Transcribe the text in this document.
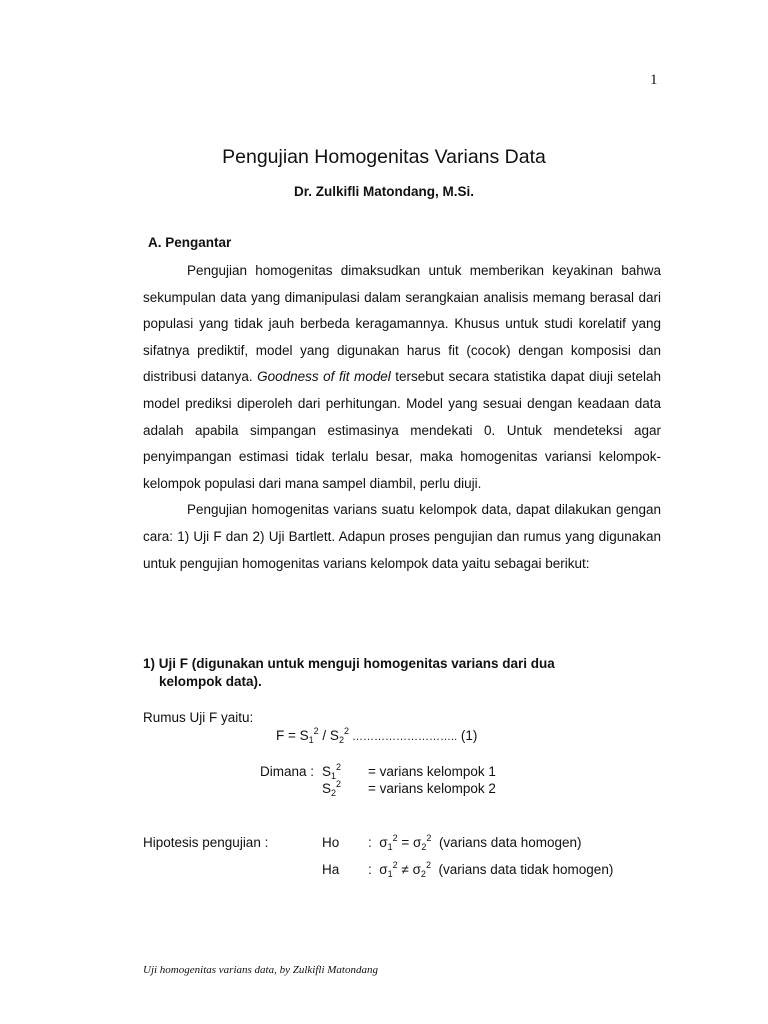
1
Pengujian Homogenitas Varians Data
Dr. Zulkifli Matondang, M.Si.
A. Pengantar

Pengujian homogenitas dimaksudkan untuk memberikan keyakinan bahwa sekumpulan data yang dimanipulasi dalam serangkaian analisis memang berasal dari populasi yang tidak jauh berbeda keragamannya. Khusus untuk studi korelatif yang sifatnya prediktif, model yang digunakan harus fit (cocok) dengan komposisi dan distribusi datanya. Goodness of fit model tersebut secara statistika dapat diuji setelah model prediksi diperoleh dari perhitungan. Model yang sesuai dengan keadaan data adalah apabila simpangan estimasinya mendekati 0. Untuk mendeteksi agar penyimpangan estimasi tidak terlalu besar, maka homogenitas variansi kelompok-kelompok populasi dari mana sampel diambil, perlu diuji.

Pengujian homogenitas varians suatu kelompok data, dapat dilakukan gengan cara: 1) Uji F dan 2) Uji Bartlett. Adapun proses pengujian dan rumus yang digunakan untuk pengujian homogenitas varians kelompok data yaitu sebagai berikut:

1) Uji F (digunakan untuk menguji homogenitas varians dari dua
kelompok data).
Rumus Uji F yaitu:
$F = S_1^2 / S_2^2$ ……………………….. (1)
Dimana : $S_1^2$ = varians kelompok 1
$S_2^2$ = varians kelompok 2
Hipotesis pengujian :	Ho : $\sigma_1^2 = \sigma_2^2$ (varians data homogen)
Ha : $\sigma_1^2 \ne \sigma_2^2$ (varians data tidak homogen)
Uji homogenitas varians data, by Zulkifli Matondang
